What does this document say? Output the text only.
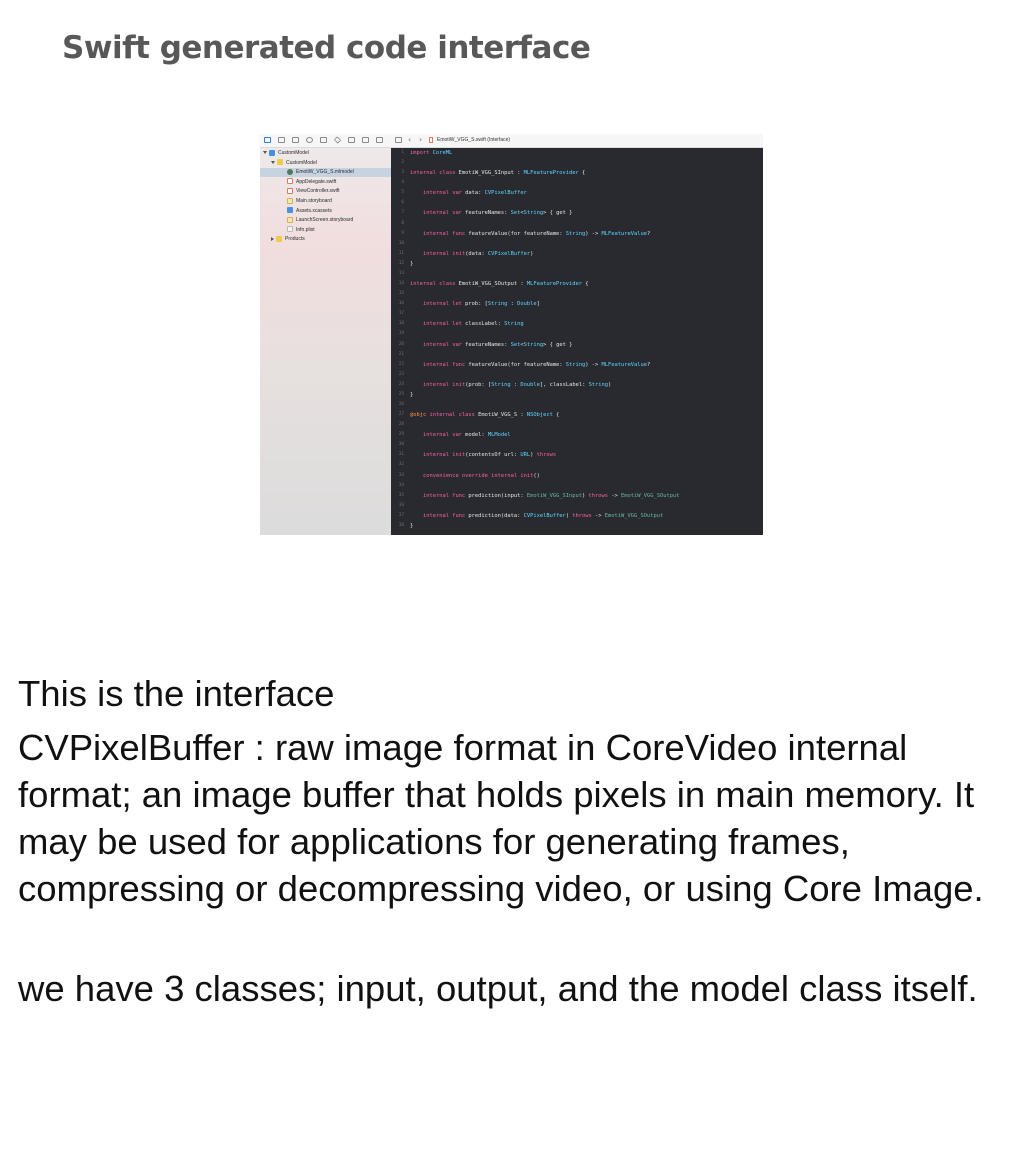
Swift generated code interface
‹ ›	EmotiW_VGG_S.swift (Interface)
CustomModel
CustomModel
EmotiW_VGG_S.mlmodel
AppDelegate.swift
ViewController.swift
Main.storyboard
Assets.xcassets
LaunchScreen.storyboard
Info.plist
Products
1 import CoreML
2
3 internal class EmotiW_VGG_SInput : MLFeatureProvider {
4
5	internal var data: CVPixelBuffer
6
7	internal var featureNames: Set<String> { get }
8
9	internal func featureValue(for featureName: String) -> MLFeatureValue?
10
11	internal init(data: CVPixelBuffer)
12 }
13
14 internal class EmotiW_VGG_SOutput : MLFeatureProvider {
15
16	internal let prob: [String : Double]
17
18	internal let classLabel: String
19
20	internal var featureNames: Set<String> { get }
21
22	internal func featureValue(for featureName: String) -> MLFeatureValue?
23
24	internal init(prob: [String : Double], classLabel: String)
25 }
26
27 @objc internal class EmotiW_VGG_S : NSObject {
28
29	internal var model: MLModel
30
31	internal init(contentsOf url: URL) throws
32
33	convenience override internal init()
34
35	internal func prediction(input: EmotiW_VGG_SInput) throws -> EmotiW_VGG_SOutput
36
37	internal func prediction(data: CVPixelBuffer) throws -> EmotiW_VGG_SOutput
38 }
This is the interface
CVPixelBuffer : raw image format in CoreVideo internal format; an image buffer that holds pixels in main memory. It may be used for applications for generating frames, compressing or decompressing video, or using Core Image.
we have 3 classes; input, output, and the model class itself.
